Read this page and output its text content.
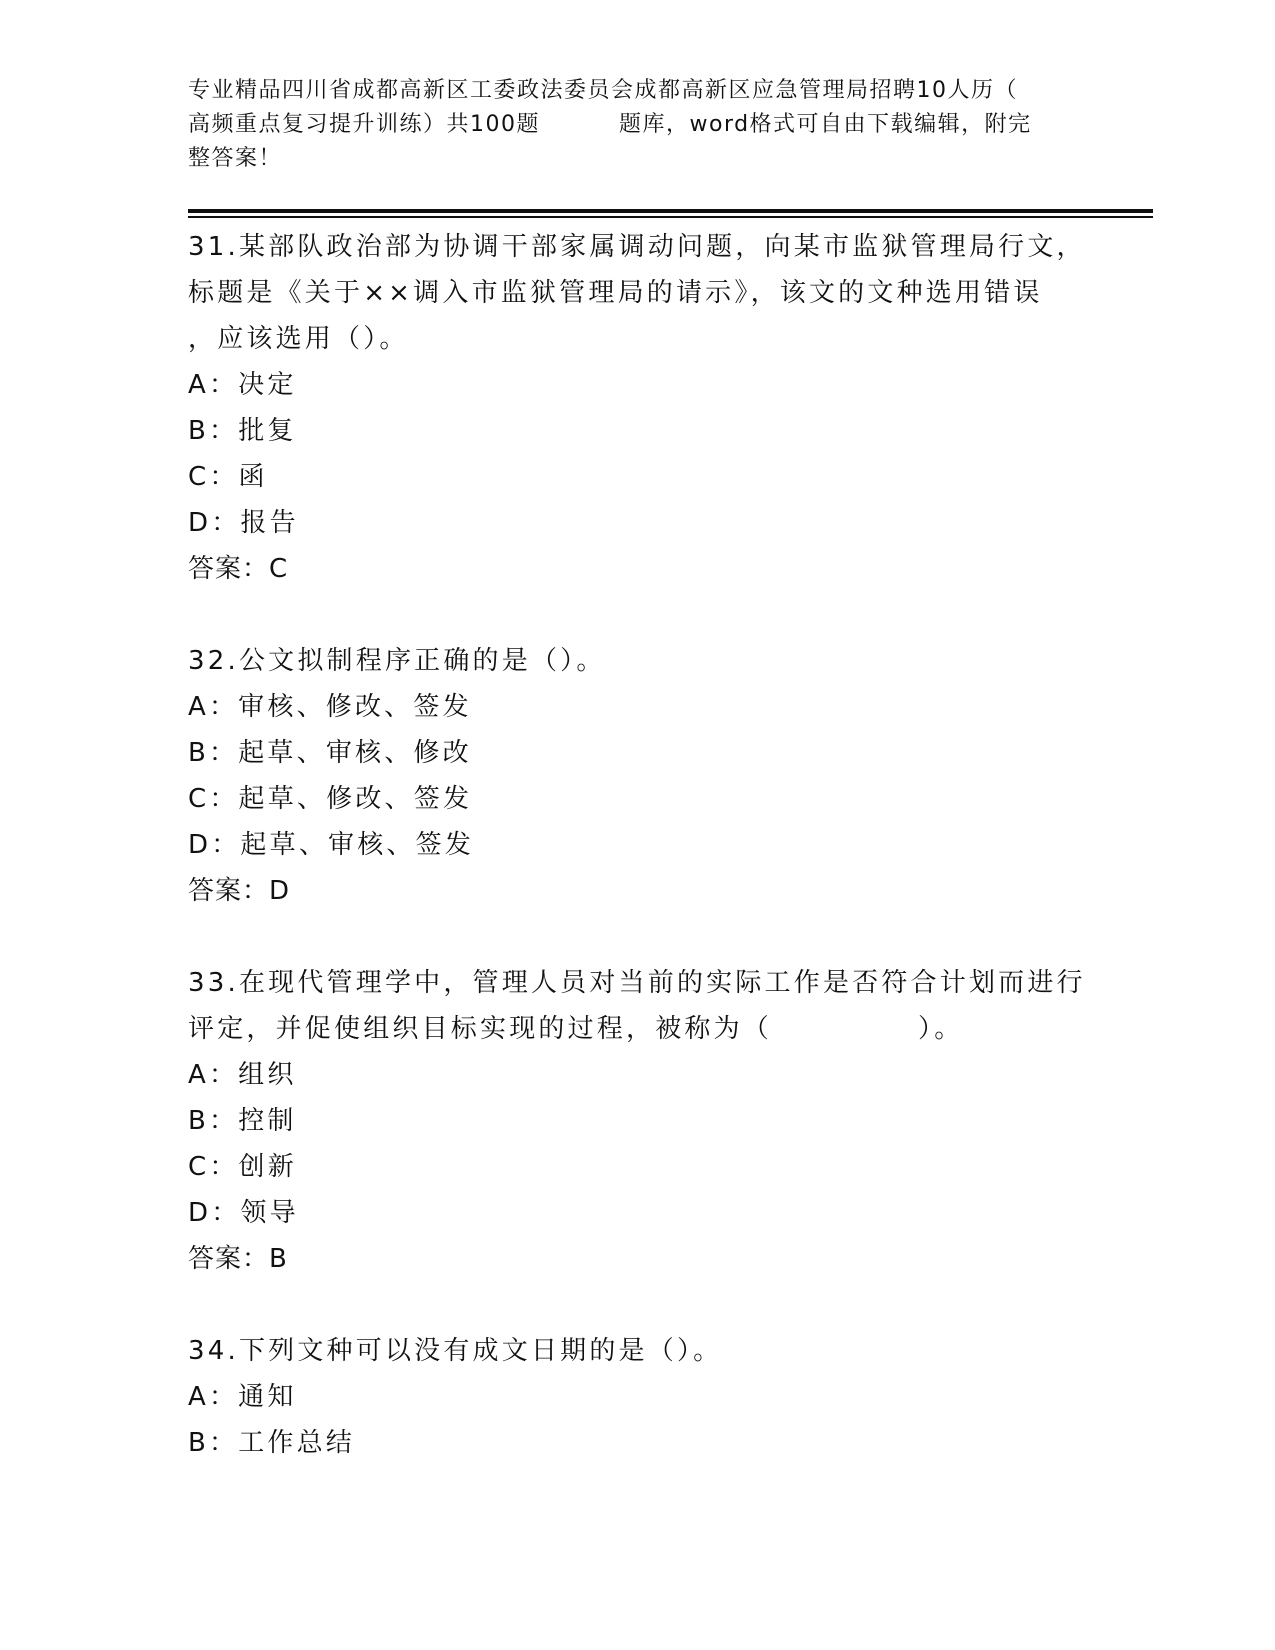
专业精品四川省成都高新区工委政法委员会成都高新区应急管理局招聘10人历（
高频重点复习提升训练）共100题　　　 题库，word格式可自由下载编辑，附完
整答案！
31.某部队政治部为协调干部家属调动问题，向某市监狱管理局行文，
标题是《关于××调入市监狱管理局的请示》，该文的文种选用错误
，应该选用（）。
A：决定
B：批复
C：函
D：报告
答案：C
32.公文拟制程序正确的是（）。
A：审核、修改、签发
B：起草、审核、修改
C：起草、修改、签发
D：起草、审核、签发
答案：D
33.在现代管理学中，管理人员对当前的实际工作是否符合计划而进行
评定，并促使组织目标实现的过程，被称为（　　　　　）。
A：组织
B：控制
C：创新
D：领导
答案：B
34.下列文种可以没有成文日期的是（）。
A：通知
B：工作总结
